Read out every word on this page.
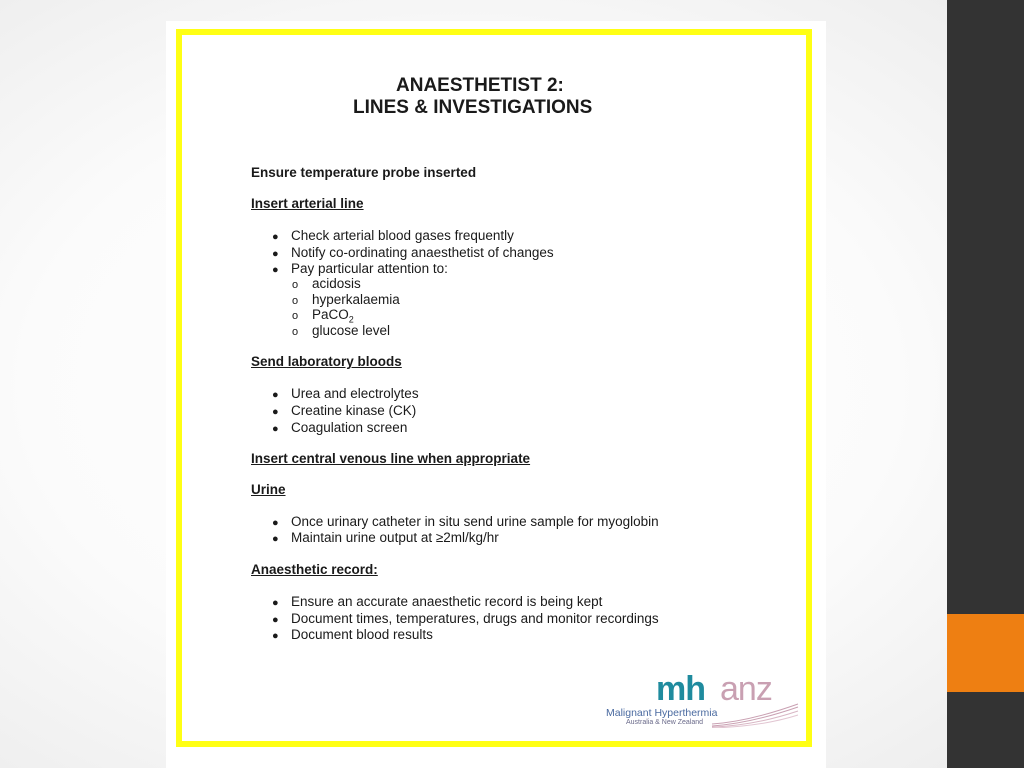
ANAESTHETIST 2:
LINES & INVESTIGATIONS
Ensure temperature probe inserted
Insert arterial line
● Check arterial blood gases frequently
● Notify co-ordinating anaesthetist of changes
● Pay particular attention to:
o acidosis
o hyperkalaemia
o PaCO$_2$
o glucose level
Send laboratory bloods
● Urea and electrolytes
● Creatine kinase (CK)
● Coagulation screen
Insert central venous line when appropriate
Urine
● Once urinary catheter in situ send urine sample for myoglobin
● Maintain urine output at ≥2ml/kg/hr
Anaesthetic record:
● Ensure an accurate anaesthetic record is being kept
● Document times, temperatures, drugs and monitor recordings
● Document blood results
mh anz
Malignant Hyperthermia
Australia & New Zealand
